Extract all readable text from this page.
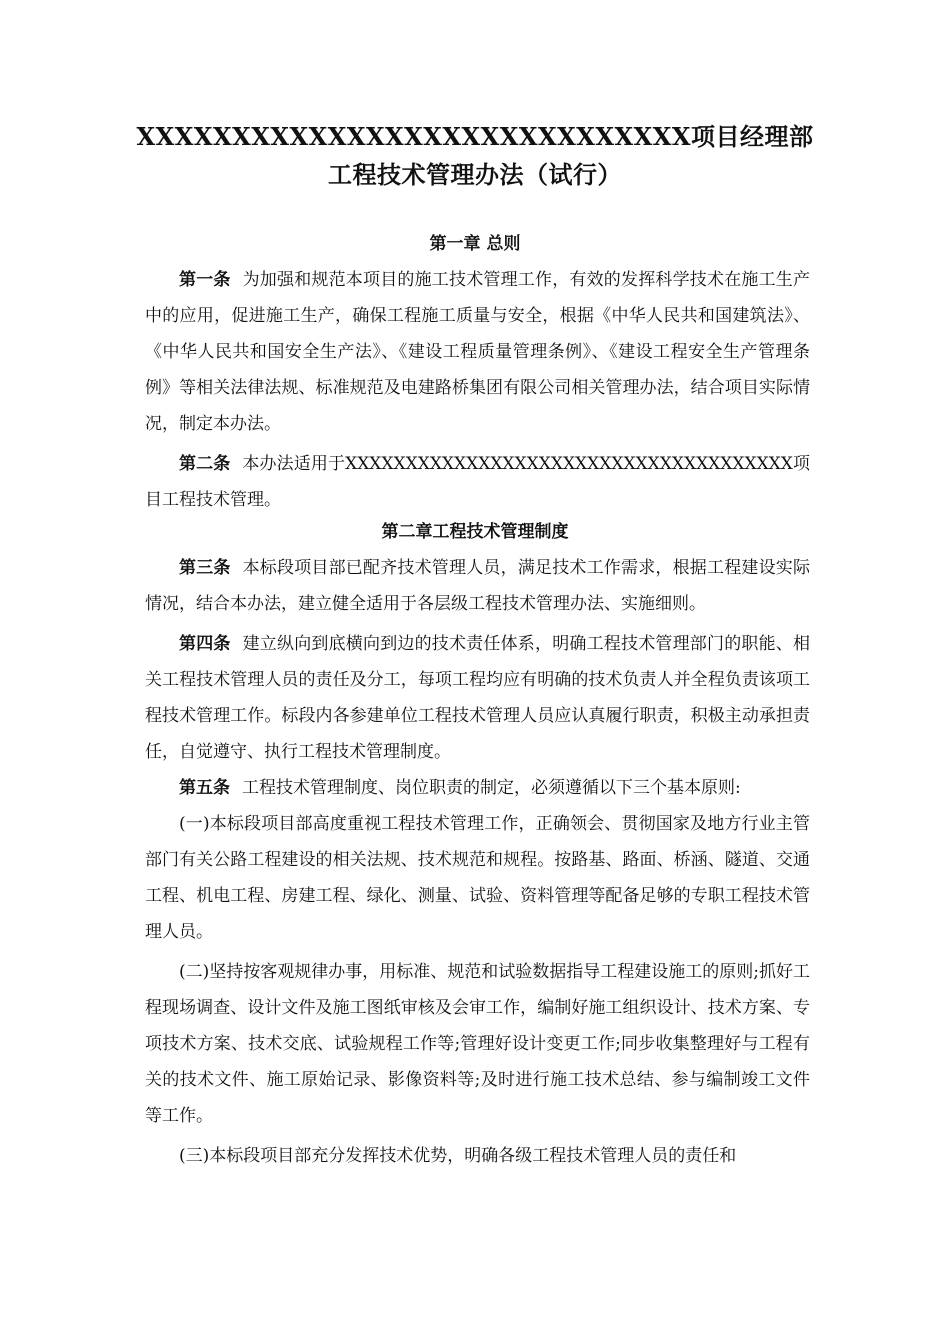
XXXXXXXXXXXXXXXXXXXXXXXXXXXXX项目经理部
工程技术管理办法（试行）
第一章 总则

第一条 为加强和规范本项目的施工技术管理工作，有效的发挥科学技术在施工生产中的应用，促进施工生产，确保工程施工质量与安全，根据《中华人民共和国建筑法》、《中华人民共和国安全生产法》、《建设工程质量管理条例》、《建设工程安全生产管理条例》等相关法律法规、标准规范及电建路桥集团有限公司相关管理办法，结合项目实际情况，制定本办法。

第二条 本办法适用于XXXXXXXXXXXXXXXXXXXXXXXXXXXXXXXXXXXXX项目工程技术管理。

第二章工程技术管理制度

第三条 本标段项目部已配齐技术管理人员，满足技术工作需求，根据工程建设实际情况，结合本办法，建立健全适用于各层级工程技术管理办法、实施细则。

第四条 建立纵向到底横向到边的技术责任体系，明确工程技术管理部门的职能、相关工程技术管理人员的责任及分工，每项工程均应有明确的技术负责人并全程负责该项工程技术管理工作。标段内各参建单位工程技术管理人员应认真履行职责，积极主动承担责任，自觉遵守、执行工程技术管理制度。

第五条 工程技术管理制度、岗位职责的制定，必须遵循以下三个基本原则:

(一)本标段项目部高度重视工程技术管理工作，正确领会、贯彻国家及地方行业主管部门有关公路工程建设的相关法规、技术规范和规程。按路基、路面、桥涵、隧道、交通工程、机电工程、房建工程、绿化、测量、试验、资料管理等配备足够的专职工程技术管理人员。

(二)坚持按客观规律办事，用标准、规范和试验数据指导工程建设施工的原则;抓好工程现场调查、设计文件及施工图纸审核及会审工作，编制好施工组织设计、技术方案、专项技术方案、技术交底、试验规程工作等;管理好设计变更工作;同步收集整理好与工程有关的技术文件、施工原始记录、影像资料等;及时进行施工技术总结、参与编制竣工文件等工作。

(三)本标段项目部充分发挥技术优势，明确各级工程技术管理人员的责任和
